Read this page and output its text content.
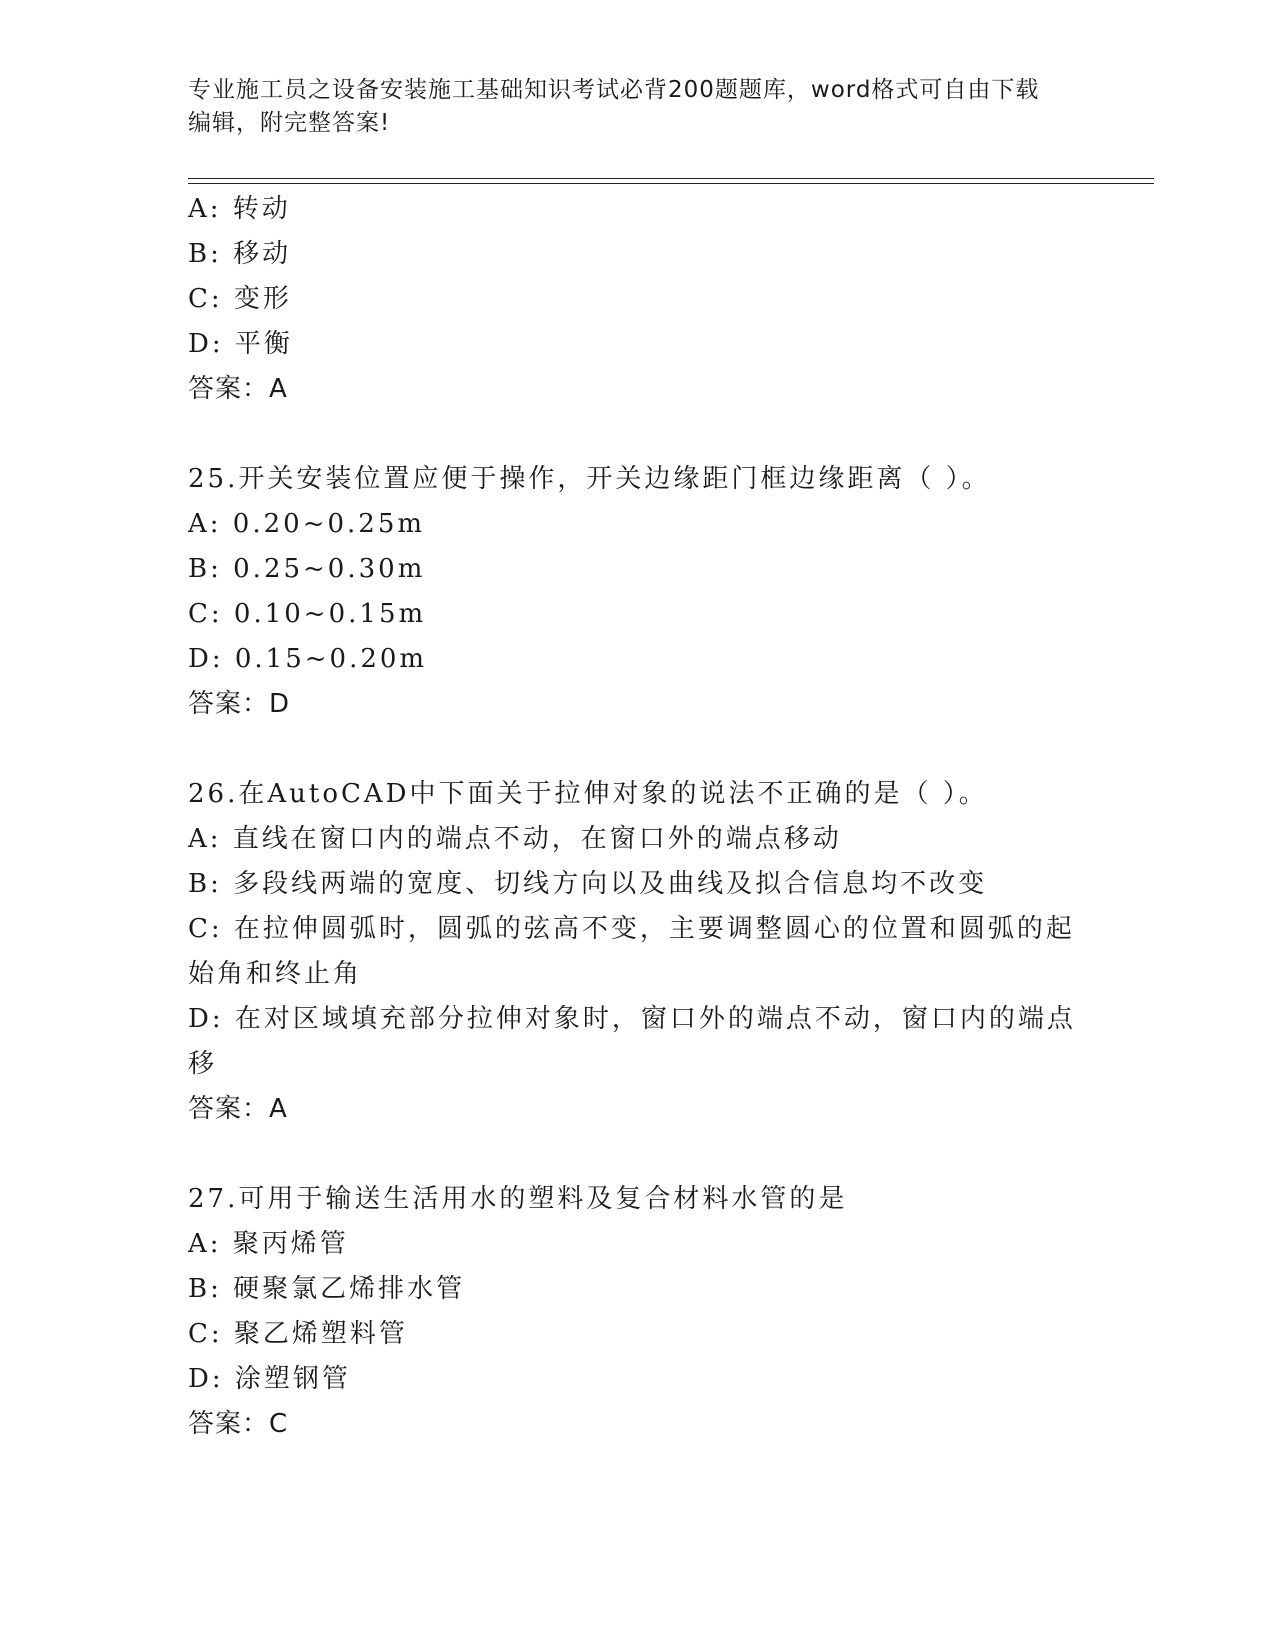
专业施工员之设备安装施工基础知识考试必背200题题库，word格式可自由下载
编辑，附完整答案!
A: 转动
B: 移动
C: 变形
D: 平衡
答案：A
25.开关安装位置应便于操作，开关边缘距门框边缘距离（ ）。
A: 0.20~0.25m
B: 0.25~0.30m
C: 0.10~0.15m
D: 0.15~0.20m
答案：D
26.在AutoCAD中下面关于拉伸对象的说法不正确的是（ ）。
A: 直线在窗口内的端点不动，在窗口外的端点移动
B: 多段线两端的宽度、切线方向以及曲线及拟合信息均不改变
C: 在拉伸圆弧时，圆弧的弦高不变，主要调整圆心的位置和圆弧的起
始角和终止角
D: 在对区域填充部分拉伸对象时，窗口外的端点不动，窗口内的端点
移
答案：A
27.可用于输送生活用水的塑料及复合材料水管的是
A: 聚丙烯管
B: 硬聚氯乙烯排水管
C: 聚乙烯塑料管
D: 涂塑钢管
答案：C
